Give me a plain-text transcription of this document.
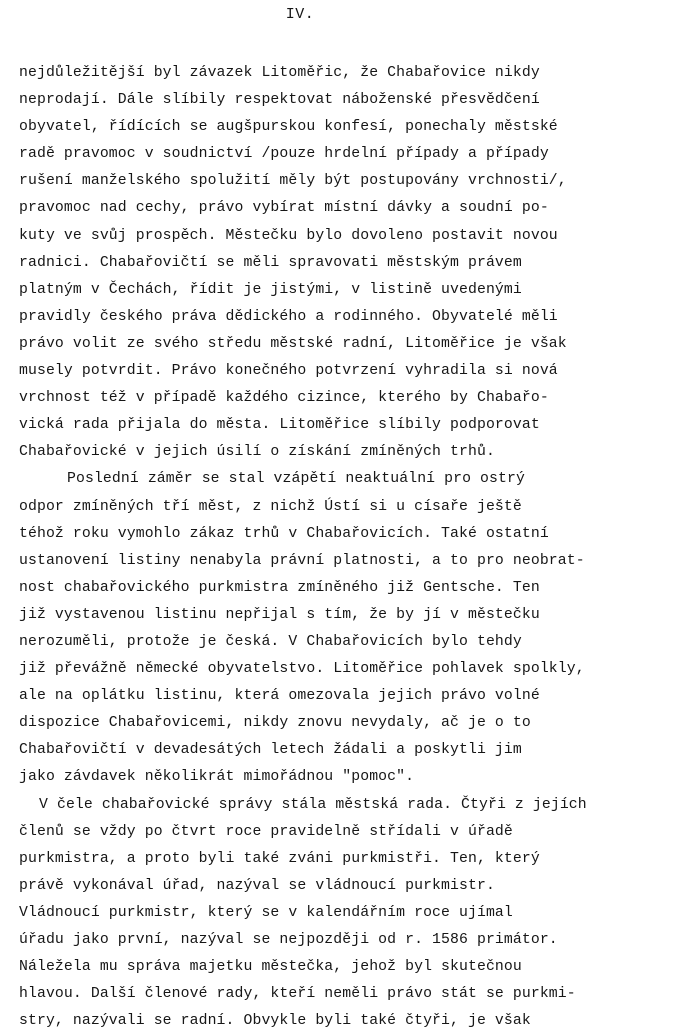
IV.
nejdůležitější byl závazek Litoměřic, že Chabařovice nikdy
neprodají. Dále slíbily respektovat náboženské přesvědčení
obyvatel, řídících se augšpurskou konfesí, ponechaly městské
radě pravomoc v soudnictví /pouze hrdelní případy a případy
rušení manželského spolužití měly být postupovány vrchnosti/,
pravomoc nad cechy, právo vybírat místní dávky a soudní po-
kuty ve svůj prospěch. Městečku bylo dovoleno postavit novou
radnici. Chabařovičtí se měli spravovati městským právem
platným v Čechách, řídit je jistými, v listině uvedenými
pravidly českého práva dědického a rodinného. Obyvatelé měli
právo volit ze svého středu městské radní, Litoměřice je však
musely potvrdit. Právo konečného potvrzení vyhradila si nová
vrchnost též v případě každého cizince, kterého by Chabařo-
vická rada přijala do města. Litoměřice slíbily podporovat
Chabařovické v jejich úsilí o získání zmíněných trhů.
Poslední záměr se stal vzápětí neaktuální pro ostrý
odpor zmíněných tří měst, z nichž Ústí si u císaře ještě
téhož roku vymohlo zákaz trhů v Chabařovicích. Také ostatní
ustanovení listiny nenabyla právní platnosti, a to pro neobrat-
nost chabařovického purkmistra zmíněného již Gentsche. Ten
již vystavenou listinu nepřijal s tím, že by jí v městečku
nerozuměli, protože je česká. V Chabařovicích bylo tehdy
již převážně německé obyvatelstvo. Litoměřice pohlavek spolkly,
ale na oplátku listinu, která omezovala jejich právo volné
dispozice Chabařovicemi, nikdy znovu nevydaly, ač je o to
Chabařovičtí v devadesátých letech žádali a poskytli jim
jako závdavek několikrát mimořádnou "pomoc".
V čele chabařovické správy stála městská rada. Čtyři z jejích
členů se vždy po čtvrt roce pravidelně střídali v úřadě
purkmistra, a proto byli také zváni purkmistři. Ten, který
právě vykonával úřad, nazýval se vládnoucí purkmistr.
Vládnoucí purkmistr, který se v kalendářním roce ujímal
úřadu jako první, nazýval se nejpozději od r. 1586 primátor.
Náležela mu správa majetku městečka, jehož byl skutečnou
hlavou. Další členové rady, kteří neměli právo stát se purkmi-
stry, nazývali se radní. Obvykle byli také čtyři, je však
